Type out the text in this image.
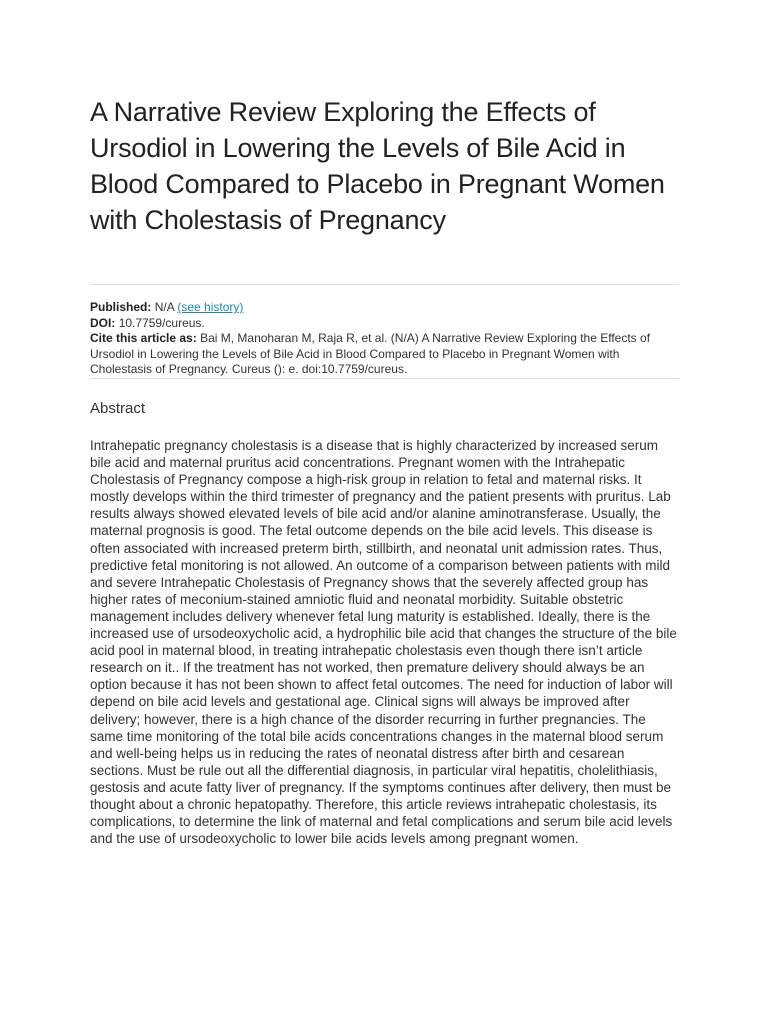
A Narrative Review Exploring the Effects of Ursodiol in Lowering the Levels of Bile Acid in Blood Compared to Placebo in Pregnant Women with Cholestasis of Pregnancy
Published: N/A (see history)
DOI: 10.7759/cureus.
Cite this article as: Bai M, Manoharan M, Raja R, et al. (N/A) A Narrative Review Exploring the Effects of Ursodiol in Lowering the Levels of Bile Acid in Blood Compared to Placebo in Pregnant Women with Cholestasis of Pregnancy. Cureus (): e. doi:10.7759/cureus.
Abstract

Intrahepatic pregnancy cholestasis is a disease that is highly characterized by increased serum bile acid and maternal pruritus acid concentrations. Pregnant women with the Intrahepatic Cholestasis of Pregnancy compose a high-risk group in relation to fetal and maternal risks. It mostly develops within the third trimester of pregnancy and the patient presents with pruritus. Lab results always showed elevated levels of bile acid and/or alanine aminotransferase. Usually, the maternal prognosis is good. The fetal outcome depends on the bile acid levels. This disease is often associated with increased preterm birth, stillbirth, and neonatal unit admission rates. Thus, predictive fetal monitoring is not allowed. An outcome of a comparison between patients with mild and severe Intrahepatic Cholestasis of Pregnancy shows that the severely affected group has higher rates of meconium-stained amniotic fluid and neonatal morbidity. Suitable obstetric management includes delivery whenever fetal lung maturity is established. Ideally, there is the increased use of ursodeoxycholic acid, a hydrophilic bile acid that changes the structure of the bile acid pool in maternal blood, in treating intrahepatic cholestasis even though there isn’t article research on it.. If the treatment has not worked, then premature delivery should always be an option because it has not been shown to affect fetal outcomes. The need for induction of labor will depend on bile acid levels and gestational age. Clinical signs will always be improved after delivery; however, there is a high chance of the disorder recurring in further pregnancies. The same time monitoring of the total bile acids concentrations changes in the maternal blood serum and well-being helps us in reducing the rates of neonatal distress after birth and cesarean sections. Must be rule out all the differential diagnosis, in particular viral hepatitis, cholelithiasis, gestosis and acute fatty liver of pregnancy. If the symptoms continues after delivery, then must be thought about a chronic hepatopathy. Therefore, this article reviews intrahepatic cholestasis, its complications, to determine the link of maternal and fetal complications and serum bile acid levels and the use of ursodeoxycholic to lower bile acids levels among pregnant women.
